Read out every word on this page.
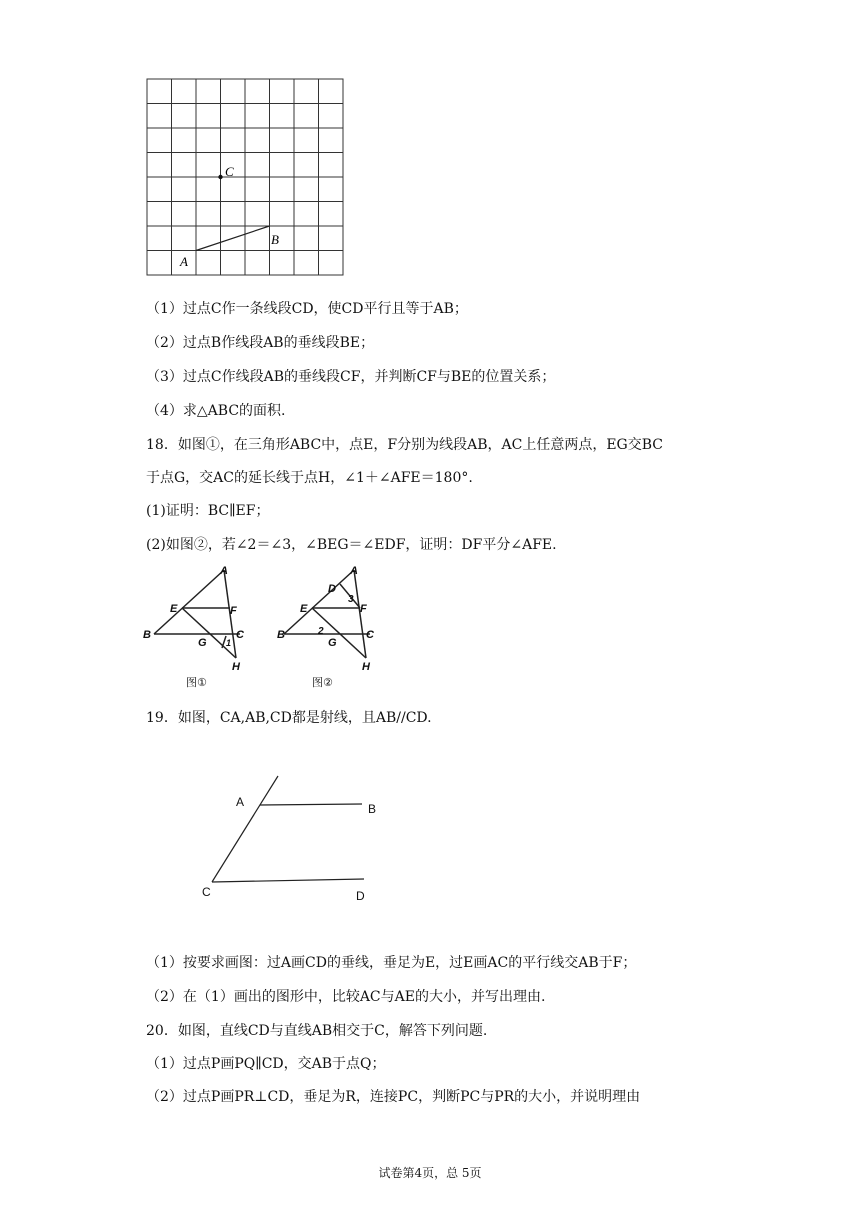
C
B
A
（1）过点C作一条线段CD，使CD平行且等于AB；
（2）过点B作线段AB的垂线段BE；
（3）过点C作线段AB的垂线段CF，并判断CF与BE的位置关系；
（4）求△ABC的面积.
18．如图①，在三角形ABC中，点E，F分别为线段AB，AC上任意两点，EG交BC
于点G，交AC的延长线于点H，∠1＋∠AFE＝180°.
(1)证明：BC∥EF；
(2)如图②，若∠2＝∠3，∠BEG＝∠EDF，证明：DF平分∠AFE.
A
E	F
B
G
C
H
1
图①
A
D
3
E	F
2
B
G
C
H
图②
19．如图，CA,AB,CD都是射线，且AB//CD.
A	B
C	D
（1）按要求画图：过A画CD的垂线，垂足为E，过E画AC的平行线交AB于F；
（2）在（1）画出的图形中，比较AC与AE的大小，并写出理由.
20．如图，直线CD与直线AB相交于C，解答下列问题.
（1）过点P画PQ∥CD，交AB于点Q；
（2）过点P画PR⊥CD，垂足为R，连接PC，判断PC与PR的大小，并说明理由
试卷第4页，总 5页
